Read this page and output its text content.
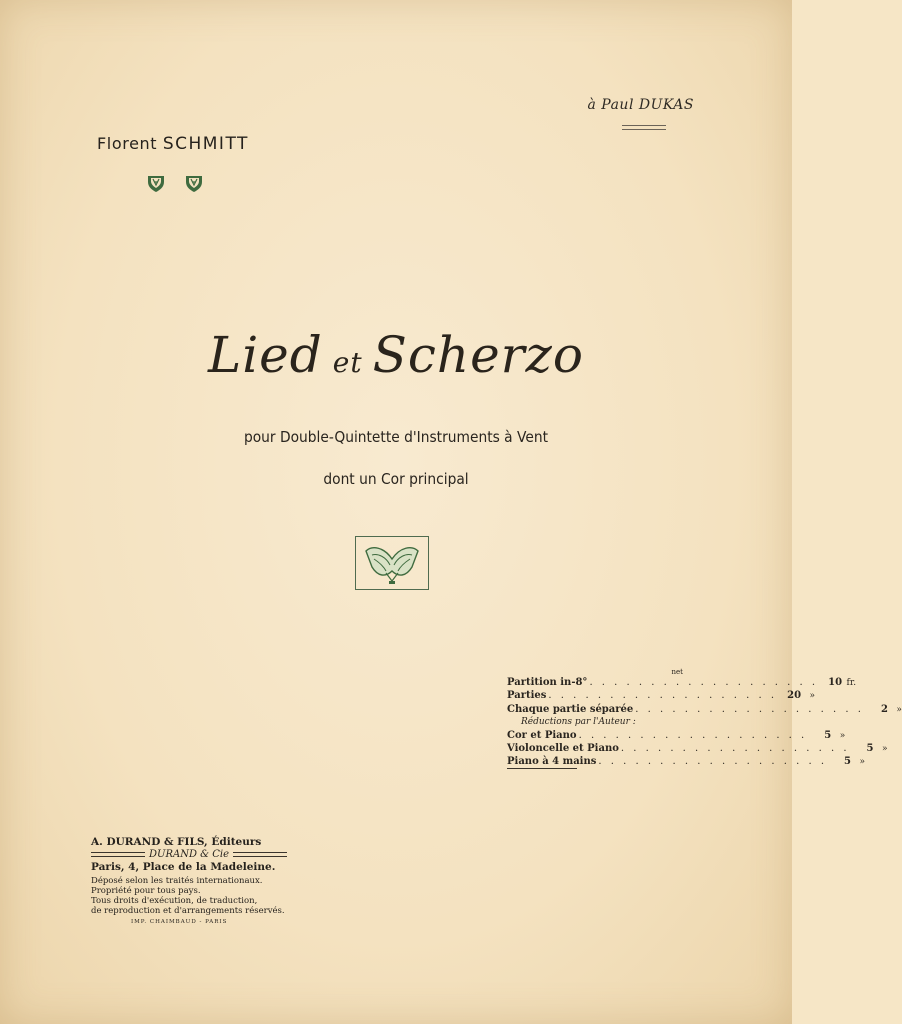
à Paul DUKAS
Florent SCHMITT
Lied et Scherzo
pour Double-Quintette d'Instruments à Vent
dont un Cor principal
net
Partition in-8° . . . . . . . . . . . . . . . . . . .	10 fr.
Parties . . . . . . . . . . . . . . . . . . .	20 »
Chaque partie séparée . . . . . . . . . . . . . . . . . . .	2 »
Réductions par l'Auteur :
Cor et Piano . . . . . . . . . . . . . . . . . . .	5 »
Violoncelle et Piano . . . . . . . . . . . . . . . . . . .	5 »
Piano à 4 mains . . . . . . . . . . . . . . . . . . .	5 »
A. DURAND & FILS, Éditeurs
DURAND & Cie
Paris, 4, Place de la Madeleine.
Déposé selon les traités internationaux.
Propriété pour tous pays.
Tous droits d'exécution, de traduction,
de reproduction et d'arrangements réservés.
IMP. CHAIMBAUD - PARIS
